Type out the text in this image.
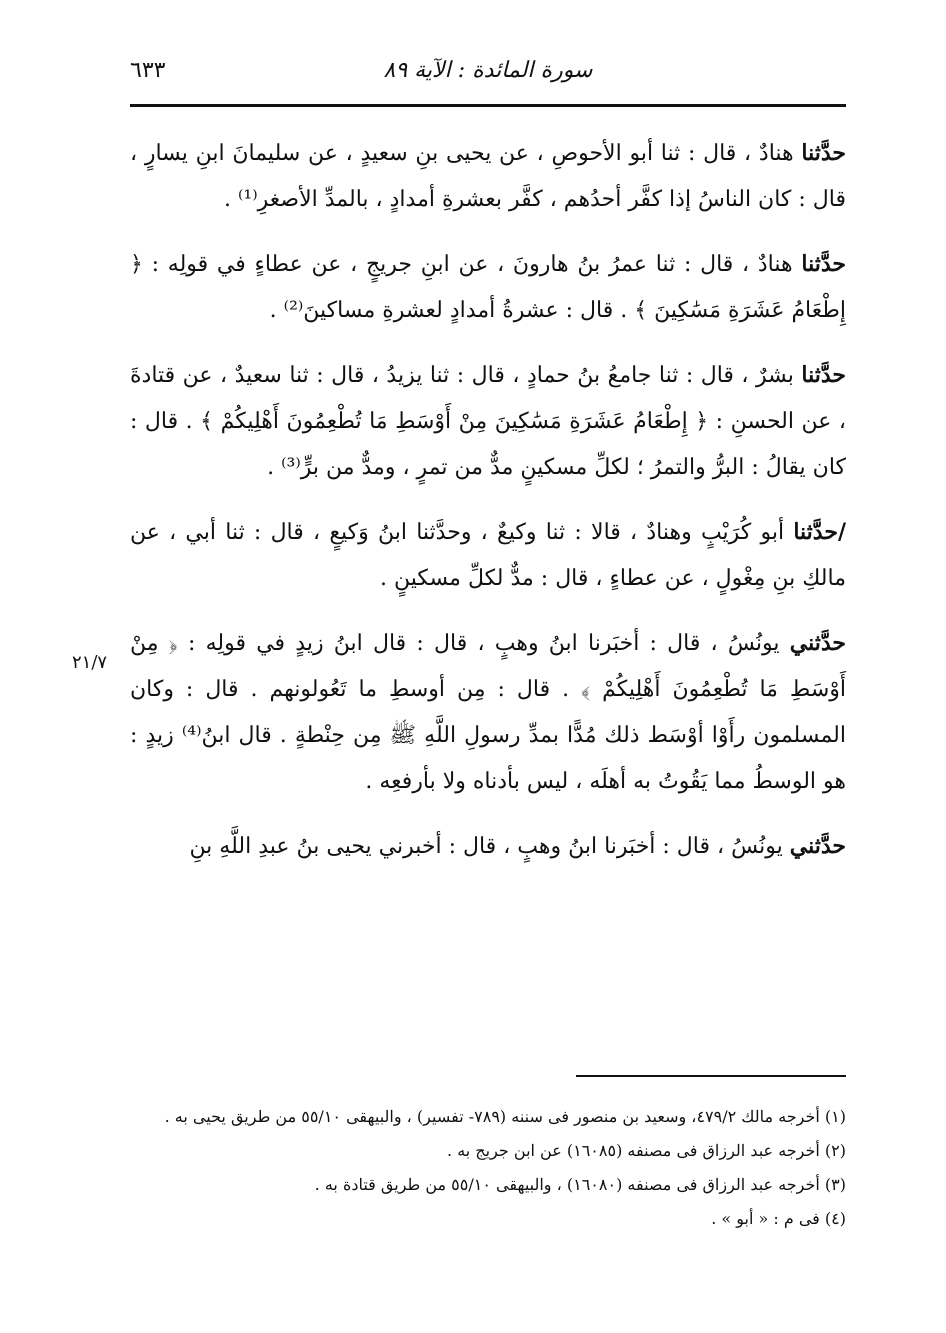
٦٣٣	سورة المائدة : الآية ٨٩
٢١/٧

حدَّثنا هنادٌ ، قال : ثنا أبو الأحوصِ ، عن يحيى بنِ سعيدٍ ، عن سليمانَ ابنِ يسارٍ ، قال : كان الناسُ إذا كفَّر أحدُهم ، كفَّر بعشرةِ أمدادٍ ، بالمدِّ الأصغرِ⁽¹⁾ .

حدَّثنا هنادٌ ، قال : ثنا عمرُ بنُ هارونَ ، عن ابنِ جريجٍ ، عن عطاءٍ في قولِه : ﴿ إِطْعَامُ عَشَرَةِ مَسَٰكِينَ ﴾ . قال : عشرةُ أمدادٍ لعشرةِ مساكينَ⁽²⁾ .

حدَّثنا بشرٌ ، قال : ثنا جامعُ بنُ حمادٍ ، قال : ثنا يزيدُ ، قال : ثنا سعيدٌ ، عن قتادةَ ، عن الحسنِ : ﴿ إِطْعَامُ عَشَرَةِ مَسَٰكِينَ مِنْ أَوْسَطِ مَا تُطْعِمُونَ أَهْلِيكُمْ ﴾ . قال : كان يقالُ : البرُّ والتمرُ ؛ لكلِّ مسكينٍ مدٌّ من تمرٍ ، ومدٌّ من برٍّ⁽³⁾ .

/حدَّثنا أبو كُرَيْبٍ وهنادٌ ، قالا : ثنا وكيعٌ ، وحدَّثنا ابنُ وَكيعٍ ، قال : ثنا أبي ، عن مالكِ بنِ مِغْولٍ ، عن عطاءٍ ، قال : مدٌّ لكلِّ مسكينٍ .

حدَّثني يونُسُ ، قال : أخبَرنا ابنُ وهبٍ ، قال : قال ابنُ زيدٍ في قولِه : ﴿ مِنْ أَوْسَطِ مَا تُطْعِمُونَ أَهْلِيكُمْ ﴾ . قال : مِن أوسطِ ما تَعُولونهم . قال : وكان المسلمون رأَوْا أوْسَط ذلك مُدًّا بمدِّ رسولِ اللَّهِ ﷺ مِن حِنْطةٍ . قال ابنُ⁽⁴⁾ زيدٍ : هو الوسطُ مما يَقُوتُ به أهلَه ، ليس بأدناه ولا بأرفعِه .

حدَّثني يونُسُ ، قال : أخبَرنا ابنُ وهبٍ ، قال : أخبرني يحيى بنُ عبدِ اللَّهِ بنِ

(١) أخرجه مالك ٤٧٩/٢، وسعيد بن منصور فى سننه (٧٨٩- تفسير) ، والبيهقى ٥٥/١٠ من طريق يحيى به .

(٢) أخرجه عبد الرزاق فى مصنفه (١٦٠٨٥) عن ابن جريج به .

(٣) أخرجه عبد الرزاق فى مصنفه (١٦٠٨٠) ، والبيهقى ٥٥/١٠ من طريق قتادة به .

(٤) فى م : « أبو » .
